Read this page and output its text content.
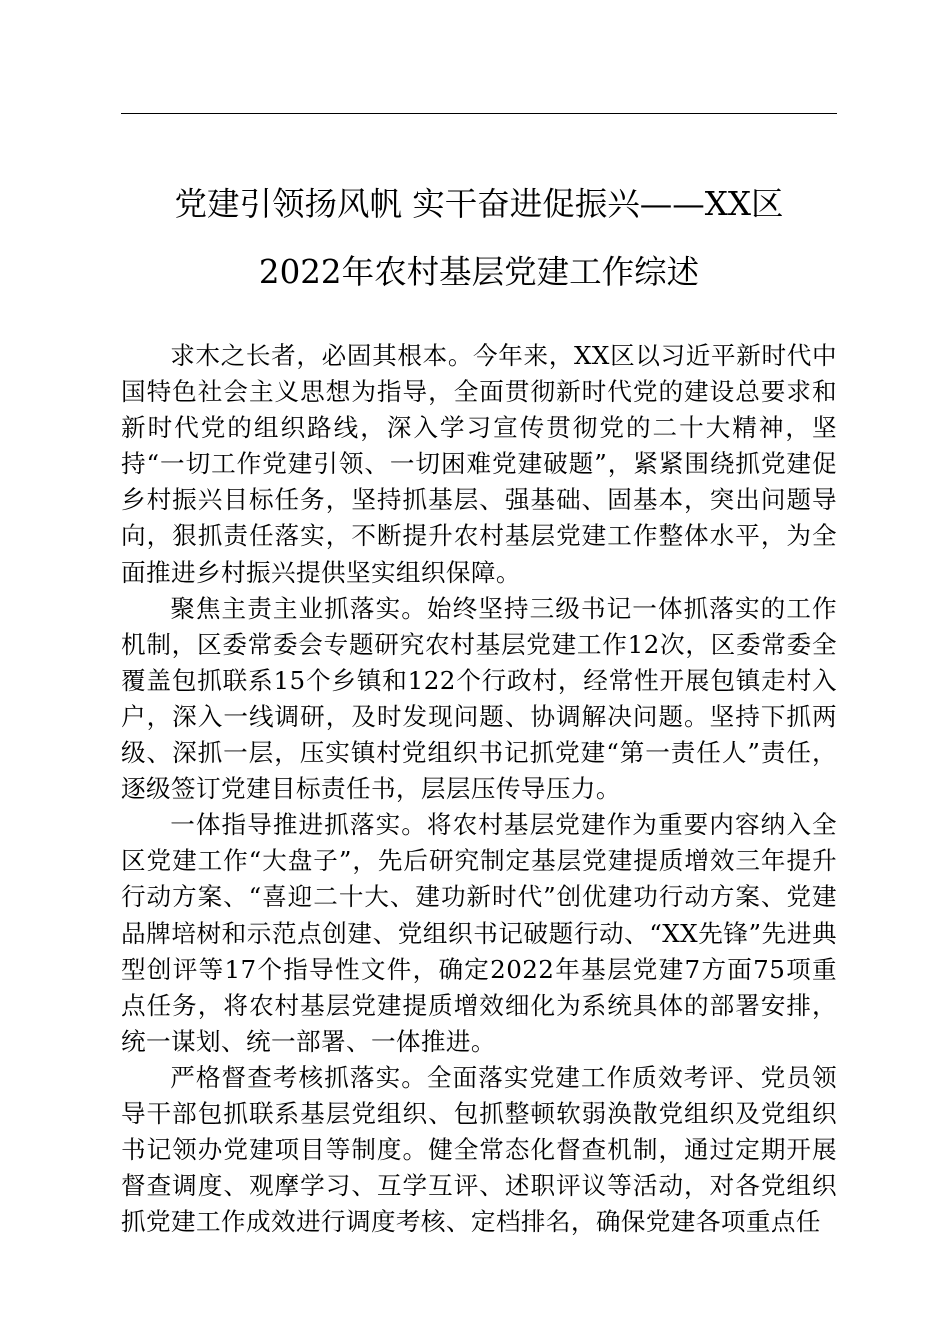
党建引领扬风帆 实干奋进促振兴——XX区
2022年农村基层党建工作综述

求木之长者，必固其根本。今年来，XX区以习近平新时代中国特色社会主义思想为指导，全面贯彻新时代党的建设总要求和新时代党的组织路线，深入学习宣传贯彻党的二十大精神，坚持“一切工作党建引领、一切困难党建破题”，紧紧围绕抓党建促乡村振兴目标任务，坚持抓基层、强基础、固基本，突出问题导向，狠抓责任落实，不断提升农村基层党建工作整体水平，为全面推进乡村振兴提供坚实组织保障。

聚焦主责主业抓落实。始终坚持三级书记一体抓落实的工作机制，区委常委会专题研究农村基层党建工作12次，区委常委全覆盖包抓联系15个乡镇和122个行政村，经常性开展包镇走村入户，深入一线调研，及时发现问题、协调解决问题。坚持下抓两级、深抓一层，压实镇村党组织书记抓党建“第一责任人”责任，逐级签订党建目标责任书，层层压传导压力。

一体指导推进抓落实。将农村基层党建作为重要内容纳入全区党建工作“大盘子”，先后研究制定基层党建提质增效三年提升行动方案、“喜迎二十大、建功新时代”创优建功行动方案、党建品牌培树和示范点创建、党组织书记破题行动、“XX先锋”先进典型创评等17个指导性文件，确定2022年基层党建7方面75项重点任务，将农村基层党建提质增效细化为系统具体的部署安排，统一谋划、统一部署、一体推进。

严格督查考核抓落实。全面落实党建工作质效考评、党员领导干部包抓联系基层党组织、包抓整顿软弱涣散党组织及党组织书记领办党建项目等制度。健全常态化督查机制，通过定期开展督查调度、观摩学习、互学互评、述职评议等活动，对各党组织抓党建工作成效进行调度考核、定档排名，确保党建各项重点任
